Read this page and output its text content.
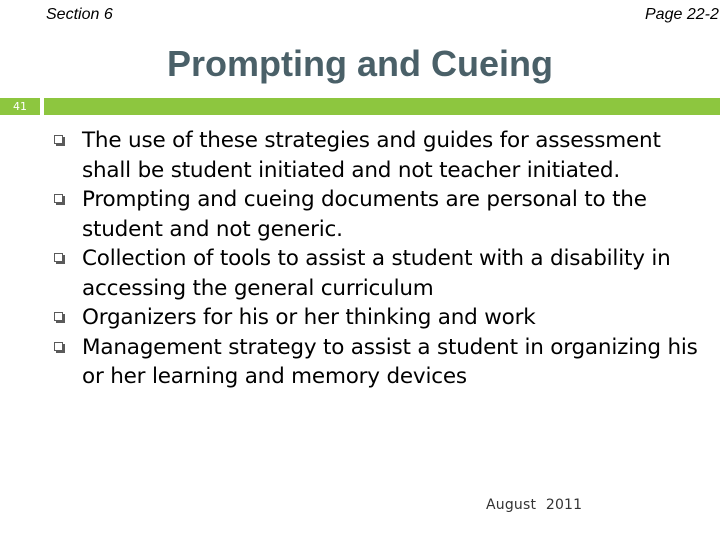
Section 6	Page 22-2
Prompting and Cueing
41
The use of these strategies and guides for assessment shall be student initiated and not teacher initiated.
Prompting and cueing documents are personal to the student and not generic.
Collection of tools to assist a student with a disability in accessing the general curriculum
Organizers for his or her thinking and work
Management strategy to assist a student in organizing his or her learning and memory devices
August 2011
